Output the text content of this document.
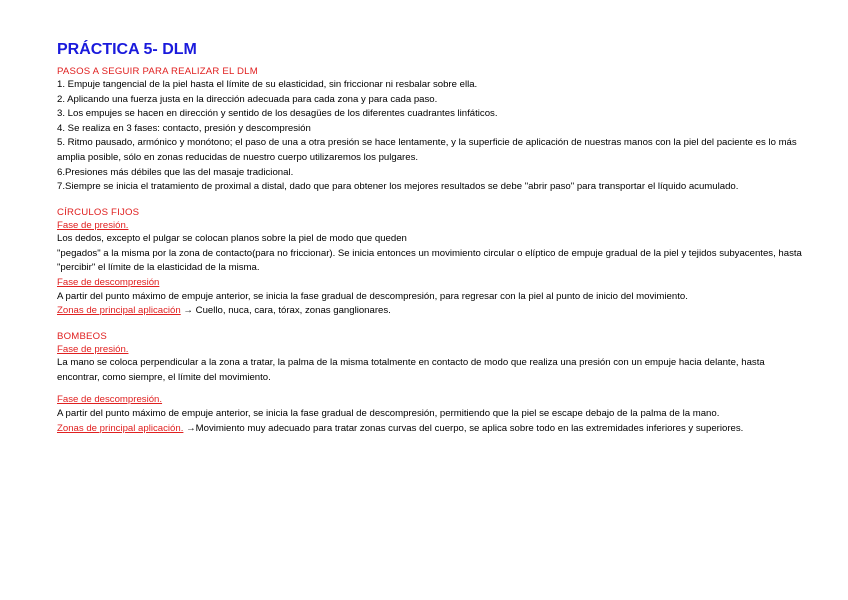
PRÁCTICA 5- DLM

PASOS A SEGUIR PARA REALIZAR EL DLM

1. Empuje tangencial de la piel hasta el límite de su elasticidad, sin friccionar ni resbalar sobre ella.

2. Aplicando una fuerza justa en la dirección adecuada para cada zona y para cada paso.

3. Los empujes se hacen en dirección y sentido de los desagües de los diferentes cuadrantes linfáticos.

4. Se realiza en 3 fases: contacto, presión y descompresión

5. Ritmo pausado, armónico y monótono; el paso de una a otra presión se hace lentamente, y la superficie de aplicación de nuestras manos con la piel del paciente es lo más amplia posible, sólo en zonas reducidas de nuestro cuerpo utilizaremos los pulgares.

6.Presiones más débiles que las del masaje tradicional.

7.Siempre se inicia el tratamiento de proximal a distal, dado que para obtener los mejores resultados se debe "abrir paso" para transportar el líquido acumulado.

CÍRCULOS FIJOS

Fase de presión.

Los dedos, excepto el pulgar se colocan planos sobre la piel de modo que queden

"pegados" a la misma por la zona de contacto(para no friccionar). Se inicia entonces un movimiento circular o elíptico de empuje gradual de la piel y tejidos subyacentes, hasta "percibir" el límite de la elasticidad de la misma.

Fase de descompresión

A partir del punto máximo de empuje anterior, se inicia la fase gradual de descompresión, para regresar con la piel al punto de inicio del movimiento.

Zonas de principal aplicación → Cuello, nuca, cara, tórax, zonas ganglionares.

BOMBEOS

Fase de presión.

La mano se coloca perpendicular a la zona a tratar, la palma de la misma totalmente en contacto de modo que realiza una presión con un empuje hacia delante, hasta encontrar, como siempre, el límite del movimiento.

Fase de descompresión.

A partir del punto máximo de empuje anterior, se inicia la fase gradual de descompresión, permitiendo que la piel se escape debajo de la palma de la mano.

Zonas de principal aplicación. →Movimiento muy adecuado para tratar zonas curvas del cuerpo, se aplica sobre todo en las extremidades inferiores y superiores.
